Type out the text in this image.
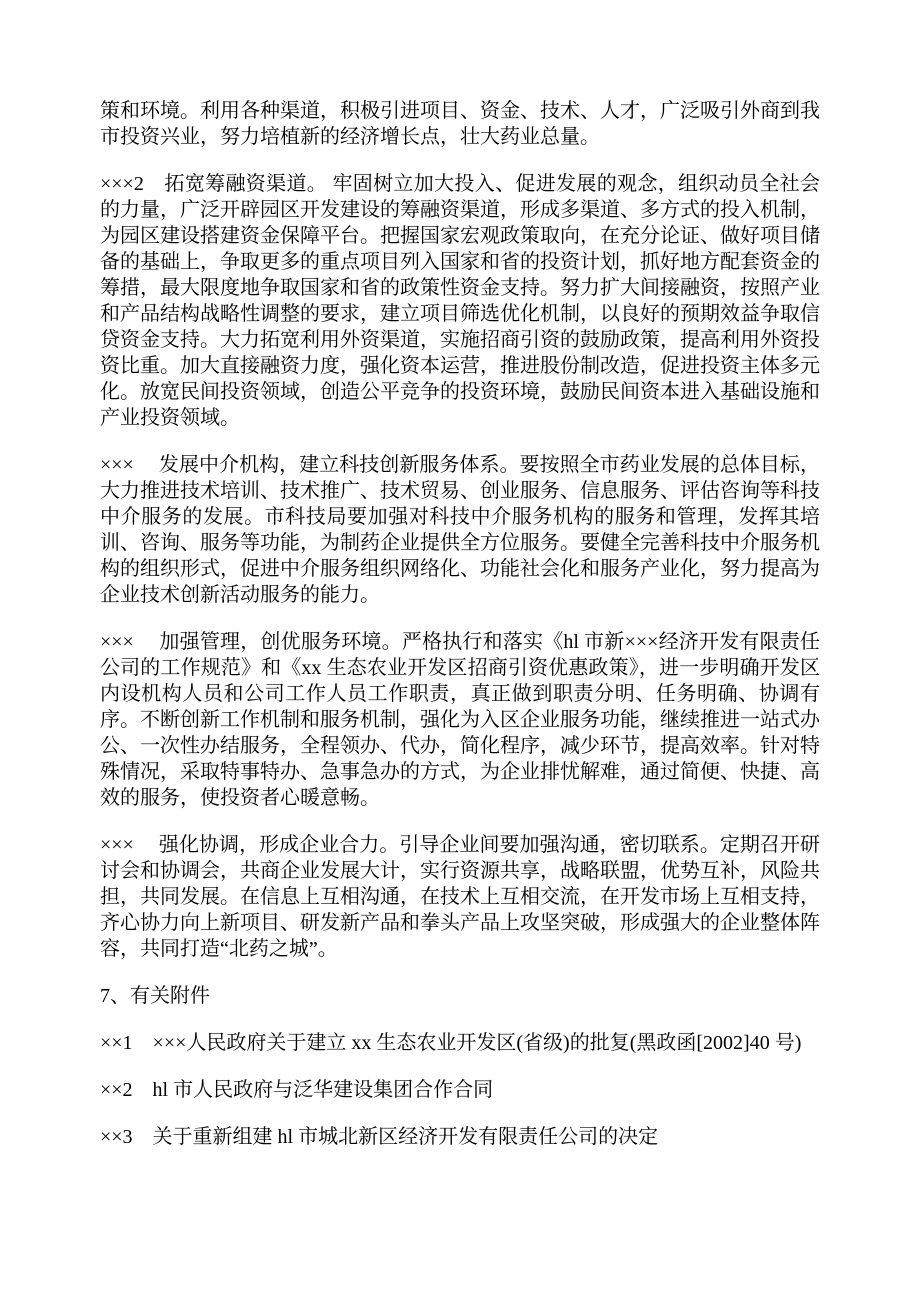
策和环境。利用各种渠道，积极引进项目、资金、技术、人才，广泛吸引外商到我市投资兴业，努力培植新的经济增长点，壮大药业总量。

×××2　拓宽筹融资渠道。 牢固树立加大投入、促进发展的观念，组织动员全社会的力量，广泛开辟园区开发建设的筹融资渠道，形成多渠道、多方式的投入机制，为园区建设搭建资金保障平台。把握国家宏观政策取向，在充分论证、做好项目储备的基础上，争取更多的重点项目列入国家和省的投资计划，抓好地方配套资金的筹措，最大限度地争取国家和省的政策性资金支持。努力扩大间接融资，按照产业和产品结构战略性调整的要求，建立项目筛选优化机制，以良好的预期效益争取信贷资金支持。大力拓宽利用外资渠道，实施招商引资的鼓励政策，提高利用外资投资比重。加大直接融资力度，强化资本运营，推进股份制改造，促进投资主体多元化。放宽民间投资领域，创造公平竞争的投资环境，鼓励民间资本进入基础设施和产业投资领域。

×××　 发展中介机构，建立科技创新服务体系。要按照全市药业发展的总体目标，大力推进技术培训、技术推广、技术贸易、创业服务、信息服务、评估咨询等科技中介服务的发展。市科技局要加强对科技中介服务机构的服务和管理，发挥其培训、咨询、服务等功能，为制药企业提供全方位服务。要健全完善科技中介服务机构的组织形式，促进中介服务组织网络化、功能社会化和服务产业化，努力提高为企业技术创新活动服务的能力。

×××　 加强管理，创优服务环境。严格执行和落实《hl 市新×××经济开发有限责任公司的工作规范》和《xx 生态农业开发区招商引资优惠政策》，进一步明确开发区内设机构人员和公司工作人员工作职责，真正做到职责分明、任务明确、协调有序。不断创新工作机制和服务机制，强化为入区企业服务功能，继续推进一站式办公、一次性办结服务，全程领办、代办，简化程序，减少环节，提高效率。针对特殊情况，采取特事特办、急事急办的方式，为企业排忧解难，通过简便、快捷、高效的服务，使投资者心暖意畅。

×××　 强化协调，形成企业合力。引导企业间要加强沟通，密切联系。定期召开研讨会和协调会，共商企业发展大计，实行资源共享，战略联盟，优势互补，风险共担，共同发展。在信息上互相沟通，在技术上互相交流，在开发市场上互相支持，齐心协力向上新项目、研发新产品和拳头产品上攻坚突破，形成强大的企业整体阵容，共同打造“北药之城”。

7、有关附件

××1　×××人民政府关于建立 xx 生态农业开发区(省级)的批复(黑政函[2002]40 号)

××2　hl 市人民政府与泛华建设集团合作合同

××3　关于重新组建 hl 市城北新区经济开发有限责任公司的决定
